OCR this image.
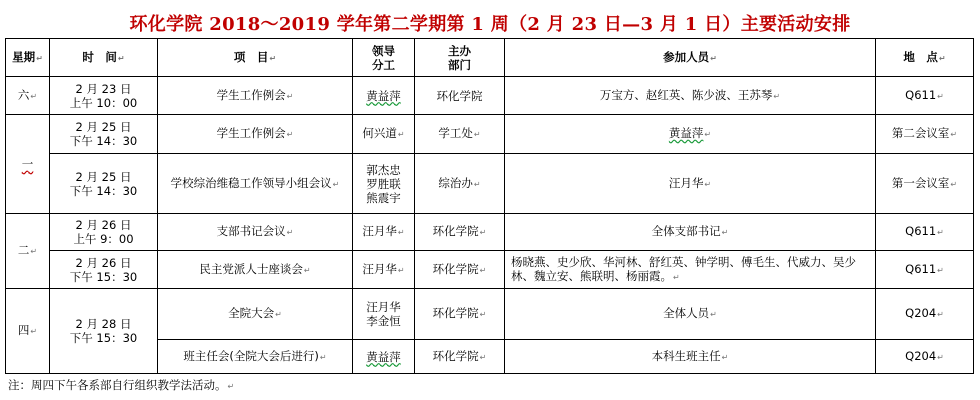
环化学院 2018～2019 学年第二学期第 1 周（2 月 23 日—3 月 1 日）主要活动安排
星期↵	时　间↵	项　目↵	领导
分工	主办
部门	参加人员↵	地　点↵
六↵	2 月 23 日
上午 10：00	学生工作例会↵	黄益萍	环化学院	万宝方、赵红英、陈少波、王苏琴↵	Q611↵
一	2 月 25 日
下午 14：30	学生工作例会↵	何兴道↵	学工处↵	黄益萍↵	第二会议室↵

	2 月 25 日
下午 14：30	学校综治维稳工作领导小组会议↵	郭杰忠
罗胜联
熊震宇	综治办↵	汪月华↵	第一会议室↵
二↵	2 月 26 日
上午 9：00	支部书记会议↵	汪月华↵	环化学院↵	全体支部书记↵	Q611↵

	2 月 26 日
下午 15：30	民主党派人士座谈会↵	汪月华↵	环化学院↵	杨晓燕、史少欣、华河林、舒红英、钟学明、傅毛生、代威力、吴少林、魏立安、熊联明、杨丽霞。↵	Q611↵
四↵	2 月 28 日
下午 15：30	全院大会↵	汪月华
李金恒	环化学院↵	全体人员↵	Q204↵
		班主任会(全院大会后进行)↵	黄益萍	环化学院↵	本科生班主任↵	Q204↵
注：周四下午各系部自行组织教学法活动。↵
